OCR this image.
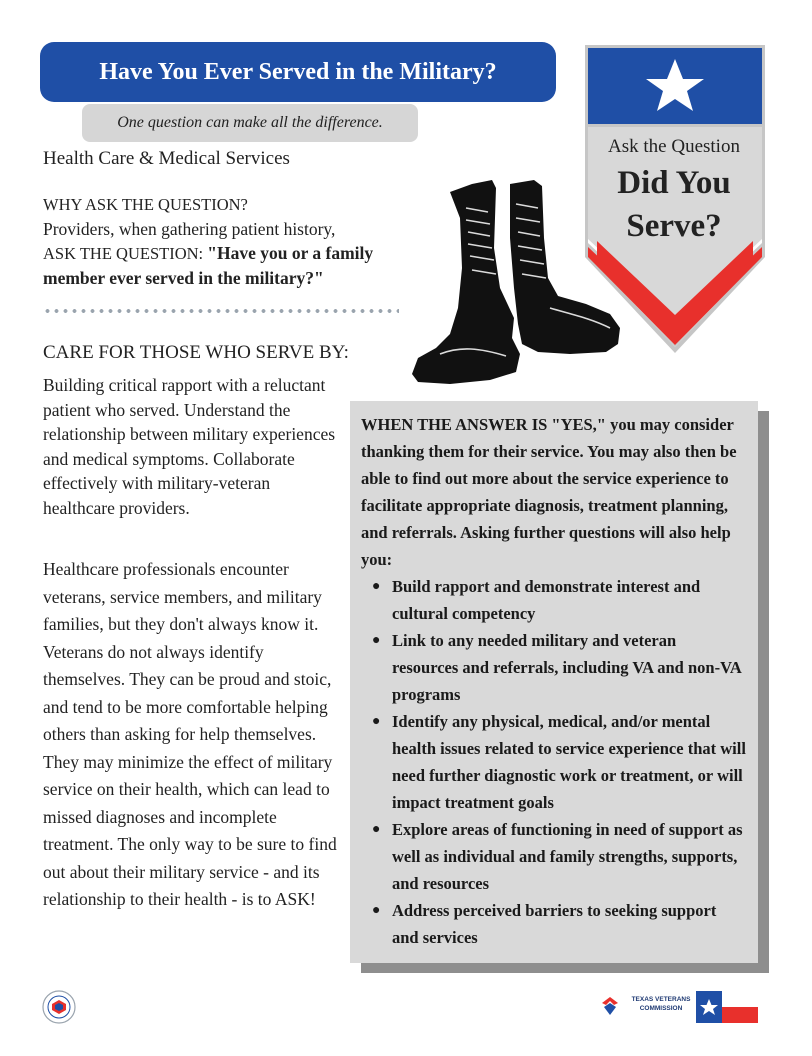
Have You Ever Served in the Military?
One question can make all the difference.
Health Care & Medical Services
WHY ASK THE QUESTION?
Providers, when gathering patient history,
ASK THE QUESTION: "Have you or a family member ever served in the military?"
CARE FOR THOSE WHO SERVE BY:
Building critical rapport with a reluctant patient who served. Understand the relationship between military experiences and medical symptoms. Collaborate effectively with military-veteran healthcare providers.
Healthcare professionals encounter veterans, service members, and military families, but they don't always know it. Veterans do not always identify themselves. They can be proud and stoic, and tend to be more comfortable helping others than asking for help themselves. They may minimize the effect of military service on their health, which can lead to missed diagnoses and incomplete treatment. The only way to be sure to find out about their military service - and its relationship to their health - is to ASK!
Ask the Question
Did You
Serve?
WHEN THE ANSWER IS "YES," you may consider thanking them for their service. You may also then be able to find out more about the service experience to facilitate appropriate diagnosis, treatment planning, and referrals. Asking further questions will also help you:
● Build rapport and demonstrate interest and cultural competency
● Link to any needed military and veteran resources and referrals, including VA and non-VA programs
● Identify any physical, medical, and/or mental health issues related to service experience that will need further diagnostic work or treatment, or will impact treatment goals
● Explore areas of functioning in need of support as well as individual and family strengths, supports, and resources
● Address perceived barriers to seeking support and services
TEXAS VETERANS COMMISSION
